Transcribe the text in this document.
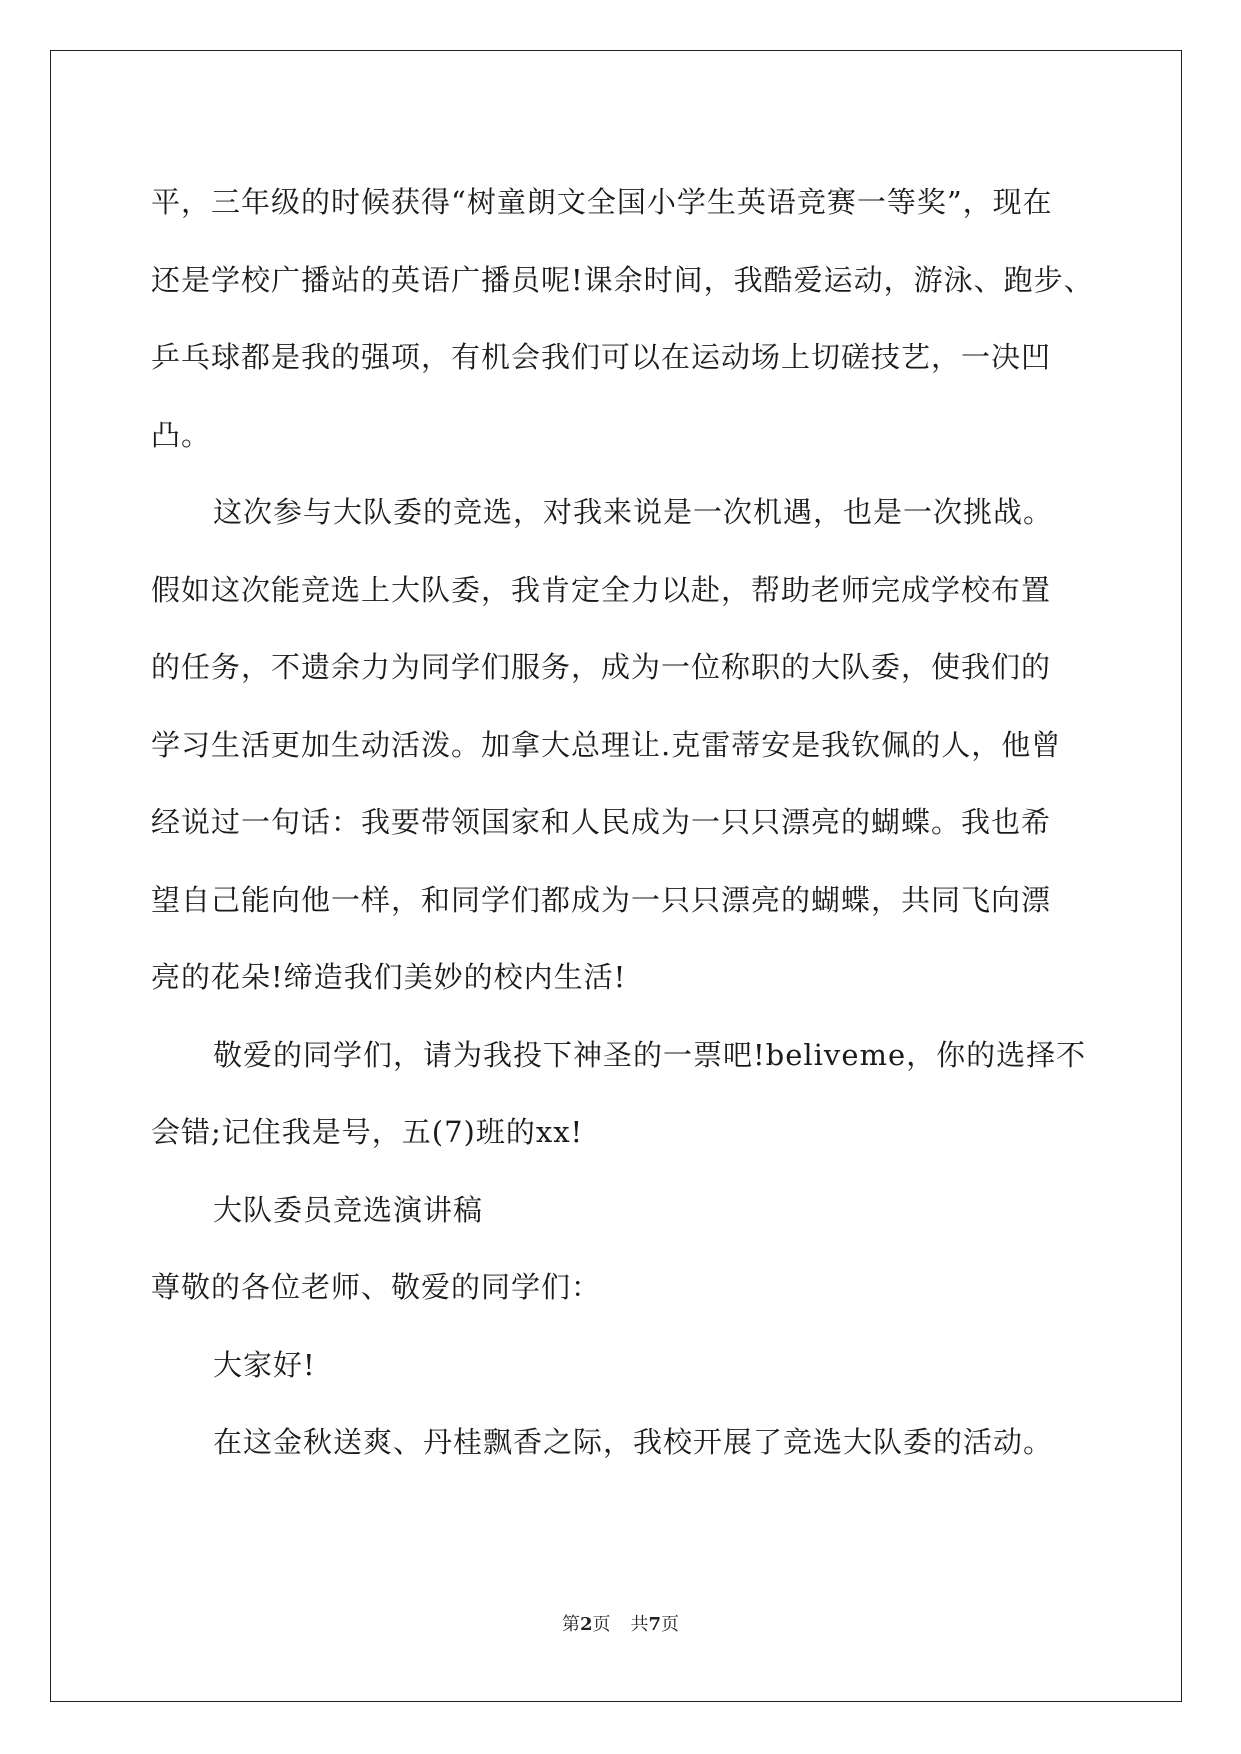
平，三年级的时候获得“树童朗文全国小学生英语竞赛一等奖”，现在
还是学校广播站的英语广播员呢!课余时间，我酷爱运动，游泳、跑步、
乒乓球都是我的强项，有机会我们可以在运动场上切磋技艺，一决凹
凸。
这次参与大队委的竞选，对我来说是一次机遇，也是一次挑战。
假如这次能竞选上大队委，我肯定全力以赴，帮助老师完成学校布置
的任务，不遗余力为同学们服务，成为一位称职的大队委，使我们的
学习生活更加生动活泼。加拿大总理让.克雷蒂安是我钦佩的人，他曾
经说过一句话：我要带领国家和人民成为一只只漂亮的蝴蝶。我也希
望自己能向他一样，和同学们都成为一只只漂亮的蝴蝶，共同飞向漂
亮的花朵!缔造我们美妙的校内生活!
敬爱的同学们，请为我投下神圣的一票吧!beliveme，你的选择不
会错;记住我是号，五(7)班的xx!
大队委员竞选演讲稿
尊敬的各位老师、敬爱的同学们：
大家好!
在这金秋送爽、丹桂飘香之际，我校开展了竞选大队委的活动。
第2页 共7页
